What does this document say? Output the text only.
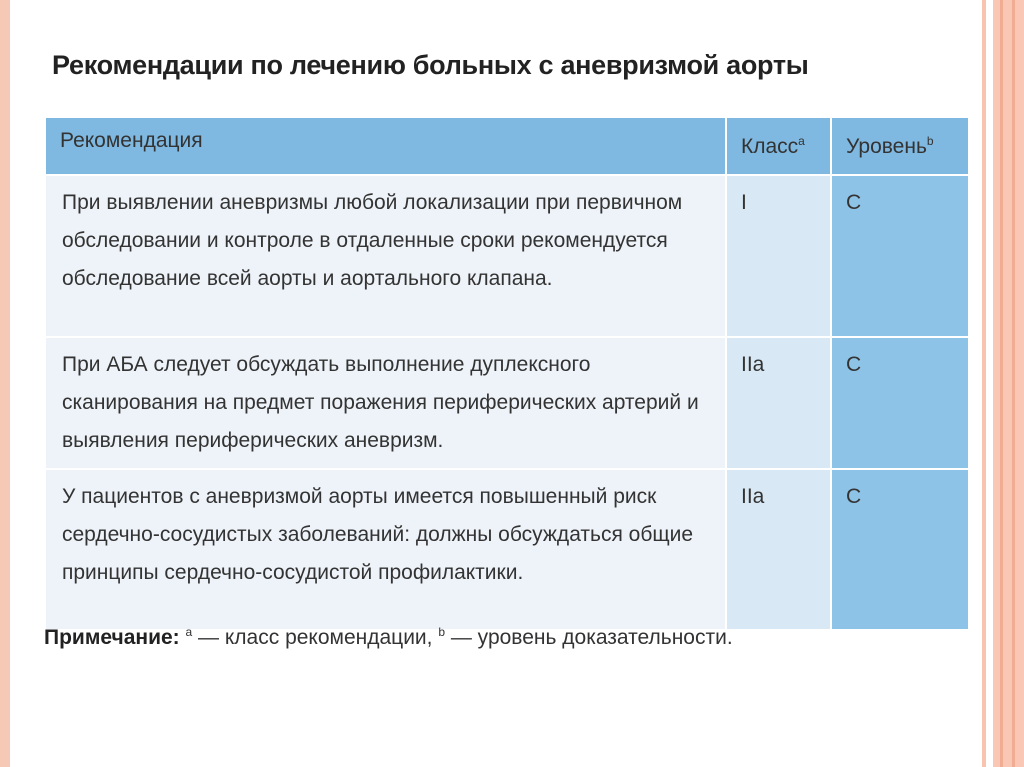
Рекомендации по лечению больных с аневризмой аорты
Рекомендация	Класс$^a$	Уровень$^b$
При выявлении аневризмы любой локализации при первичном обследовании и контроле в отдаленные сроки рекомендуется обследование всей аорты и аортального клапана.	I	C
При АБА следует обсуждать выполнение дуплексного сканирования на предмет поражения периферических артерий и выявления периферических аневризм.	IIa	C
У пациентов с аневризмой аорты имеется повышенный риск сердечно-сосудистых заболеваний: должны обсуждаться общие принципы сердечно-сосудистой профилактики.	IIa	C
Примечание: $^a$ — класс рекомендации, $^b$ — уровень доказательности.
